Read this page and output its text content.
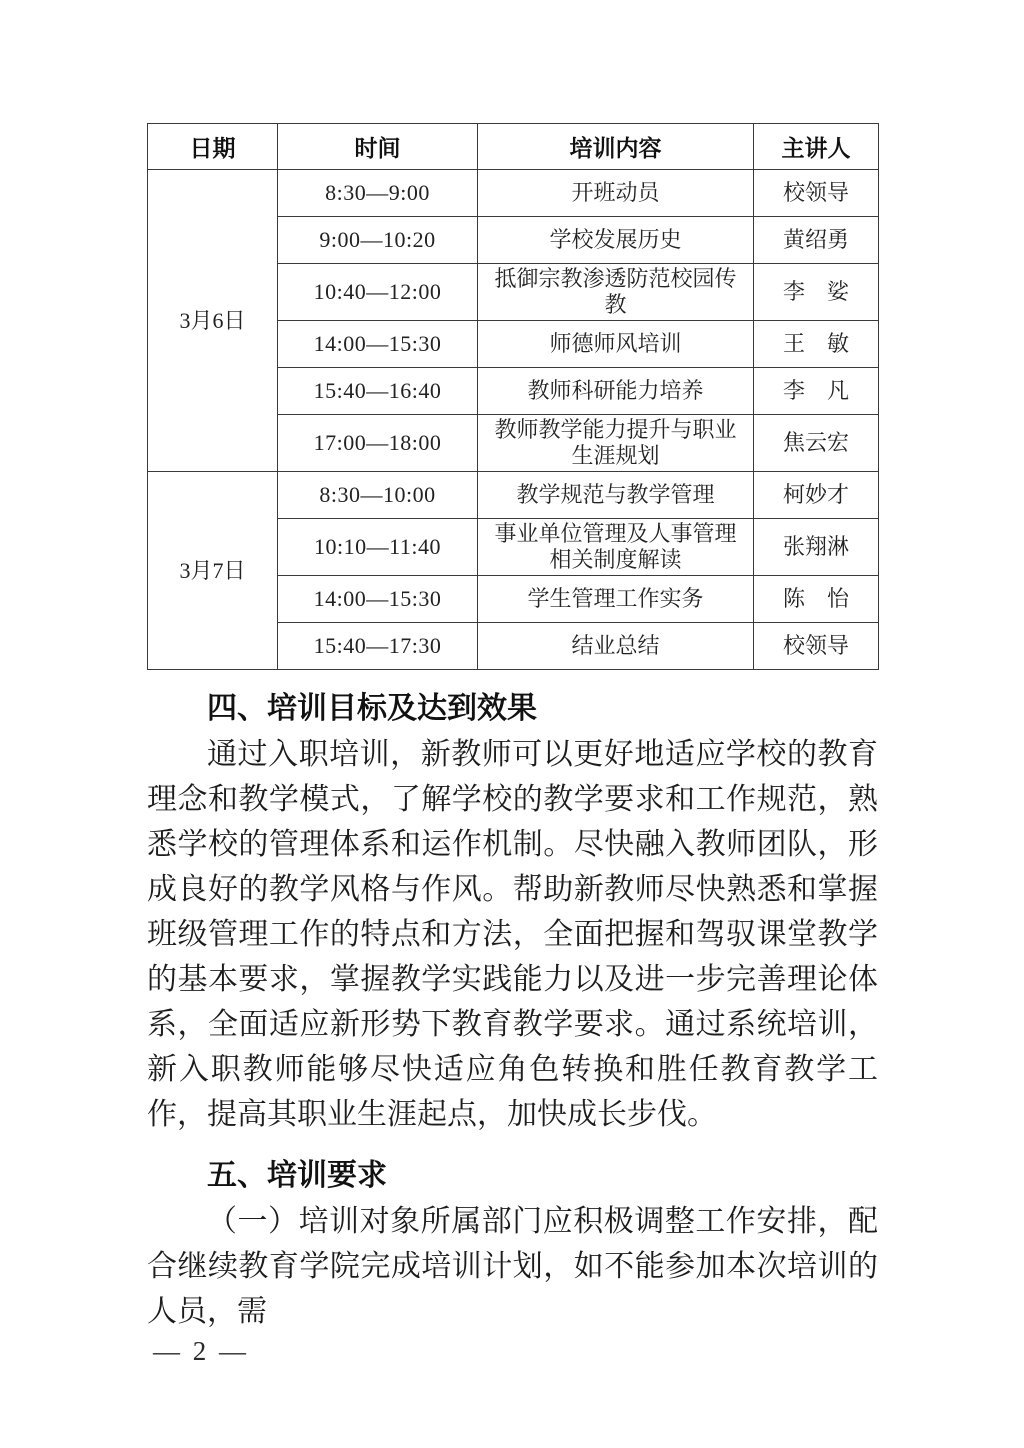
日期	时间	培训内容	主讲人
3月6日	8:30—9:00	开班动员	校领导
	9:00—10:20	学校发展历史	黄绍勇
	10:40—12:00	抵御宗教渗透防范校园传教	李　娑
	14:00—15:30	师德师风培训	王　敏
	15:40—16:40	教师科研能力培养	李　凡
	17:00—18:00	教师教学能力提升与职业生涯规划	焦云宏
3月7日	8:30—10:00	教学规范与教学管理	柯妙才
	10:10—11:40	事业单位管理及人事管理相关制度解读	张翔淋
	14:00—15:30	学生管理工作实务	陈　怡
	15:40—17:30	结业总结	校领导
四、培训目标及达到效果

通过入职培训，新教师可以更好地适应学校的教育理念和教学模式，了解学校的教学要求和工作规范，熟悉学校的管理体系和运作机制。尽快融入教师团队，形成良好的教学风格与作风。帮助新教师尽快熟悉和掌握班级管理工作的特点和方法，全面把握和驾驭课堂教学的基本要求，掌握教学实践能力以及进一步完善理论体系，全面适应新形势下教育教学要求。通过系统培训，新入职教师能够尽快适应角色转换和胜任教育教学工作，提高其职业生涯起点，加快成长步伐。

五、培训要求

（一）培训对象所属部门应积极调整工作安排，配合继续教育学院完成培训计划，如不能参加本次培训的人员，需

— 2 —
